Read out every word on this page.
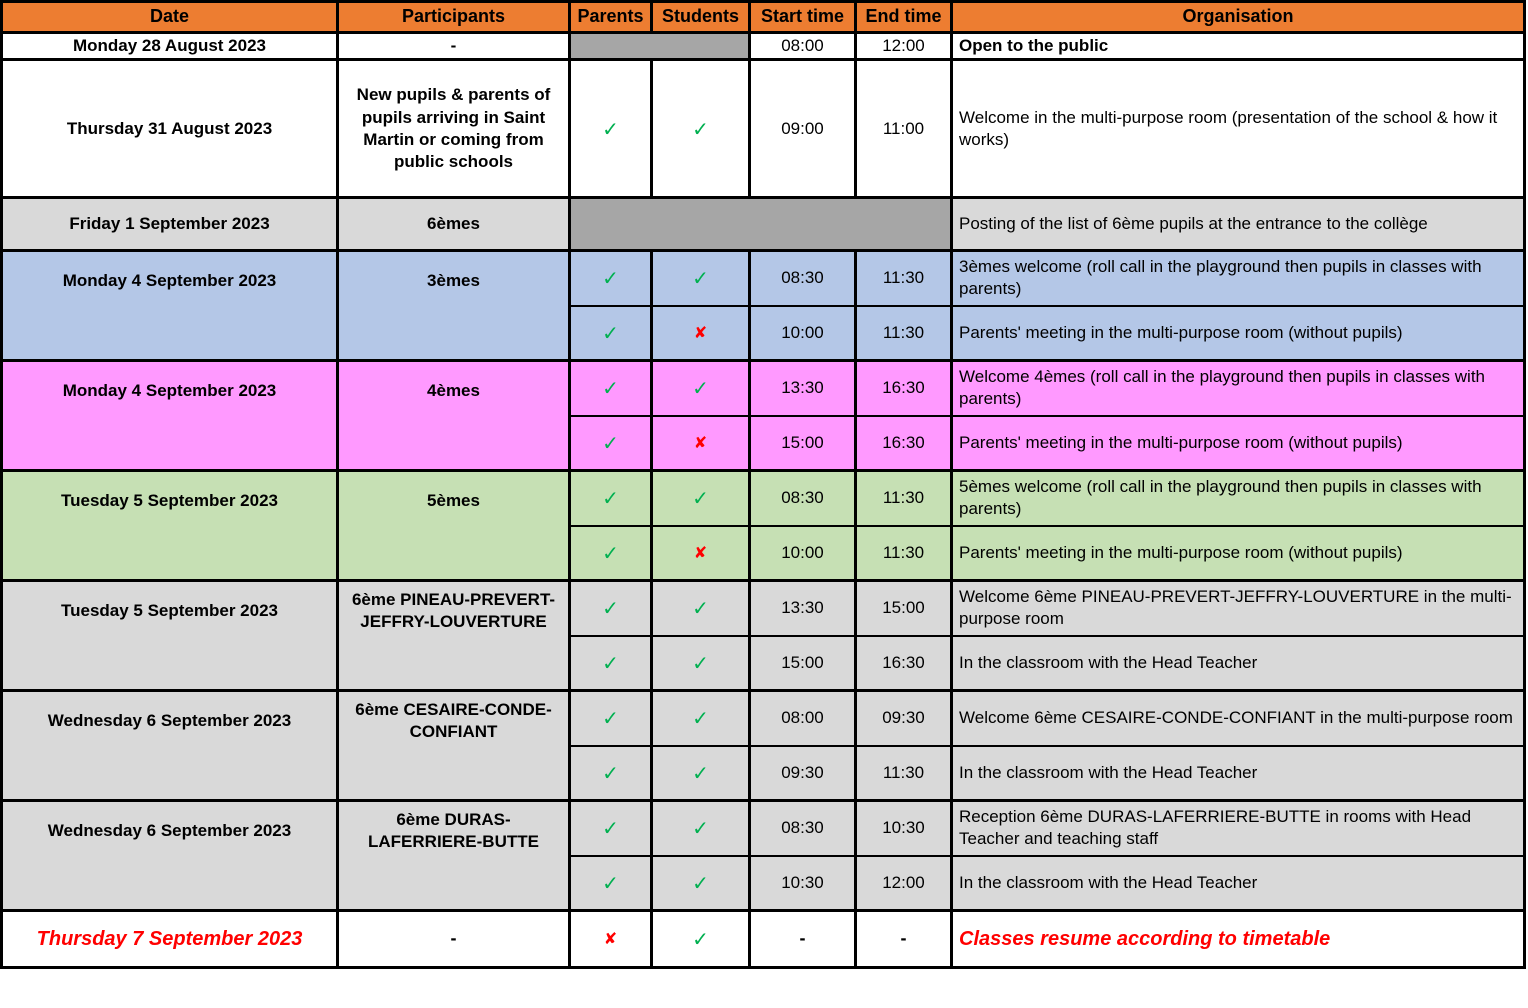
Date	Participants	Parents	Students	Start time	End time	Organisation
Monday 28 August 2023	-			08:00	12:00	Open to the public
Thursday 31 August 2023	New pupils & parents of pupils arriving in Saint Martin or coming from public schools	✓	✓	09:00	11:00	Welcome in the multi-purpose room (presentation of the school & how it works)
Friday 1 September 2023	6èmes					Posting of the list of 6ème pupils at the entrance to the collège

Monday 4 September 2023	3èmes	✓	✓	08:30	11:30	3èmes welcome (roll call in the playground then pupils in classes with parents)
		✓	✘	10:00	11:30	Parents' meeting in the multi-purpose room (without pupils)

Monday 4 September 2023	4èmes	✓	✓	13:30	16:30	Welcome 4èmes (roll call in the playground then pupils in classes with parents)
		✓	✘	15:00	16:30	Parents' meeting in the multi-purpose room (without pupils)

Tuesday 5 September 2023	5èmes	✓	✓	08:30	11:30	5èmes welcome (roll call in the playground then pupils in classes with parents)
		✓	✘	10:00	11:30	Parents' meeting in the multi-purpose room (without pupils)

Tuesday 5 September 2023	6ème PINEAU-PREVERT-JEFFRY-LOUVERTURE	✓	✓	13:30	15:00	Welcome 6ème PINEAU-PREVERT-JEFFRY-LOUVERTURE in the multi-purpose room
		✓	✓	15:00	16:30	In the classroom with the Head Teacher

Wednesday 6 September 2023	6ème CESAIRE-CONDE-CONFIANT	✓	✓	08:00	09:30	Welcome 6ème CESAIRE-CONDE-CONFIANT in the multi-purpose room
		✓	✓	09:30	11:30	In the classroom with the Head Teacher

Wednesday 6 September 2023	6ème DURAS-LAFERRIERE-BUTTE	✓	✓	08:30	10:30	Reception 6ème DURAS-LAFERRIERE-BUTTE in rooms with Head Teacher and teaching staff
		✓	✓	10:30	12:00	In the classroom with the Head Teacher
Thursday 7 September 2023	-	✘	✓	-	-	Classes resume according to timetable
